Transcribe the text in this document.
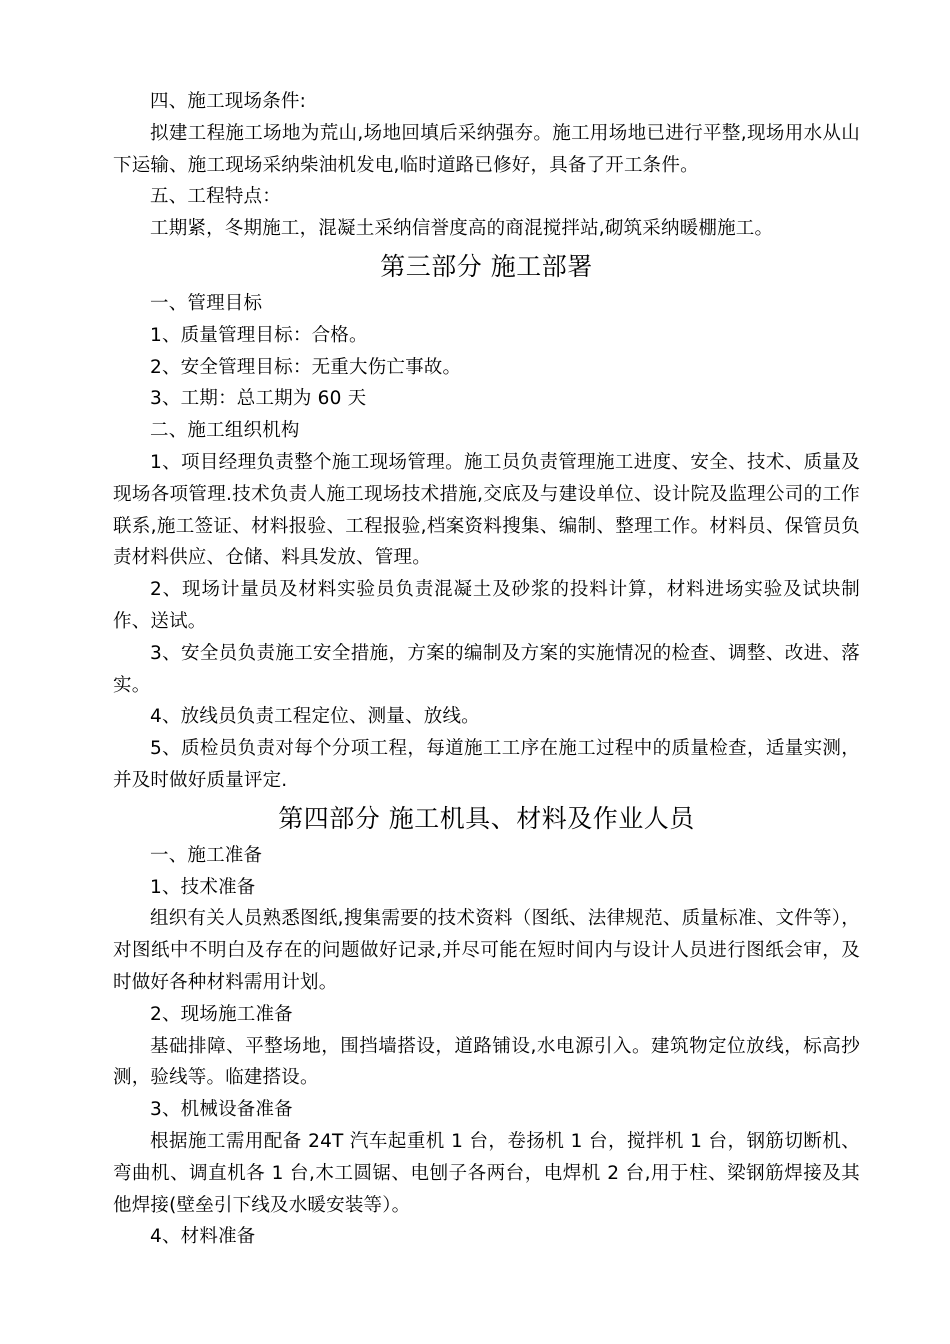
四、施工现场条件:

拟建工程施工场地为荒山,场地回填后采纳强夯。施工用场地已进行平整,现场用水从山下运输、施工现场采纳柴油机发电,临时道路已修好，具备了开工条件。

五、工程特点：

工期紧，冬期施工，混凝土采纳信誉度高的商混搅拌站,砌筑采纳暖棚施工。

第三部分 施工部署

一、管理目标

1、质量管理目标：合格。

2、安全管理目标：无重大伤亡事故。

3、工期：总工期为 60 天

二、施工组织机构

1、项目经理负责整个施工现场管理。施工员负责管理施工进度、安全、技术、质量及现场各项管理.技术负责人施工现场技术措施,交底及与建设单位、设计院及监理公司的工作联系,施工签证、材料报验、工程报验,档案资料搜集、编制、整理工作。材料员、保管员负责材料供应、仓储、料具发放、管理。

2、现场计量员及材料实验员负责混凝土及砂浆的投料计算，材料进场实验及试块制作、送试。

3、安全员负责施工安全措施，方案的编制及方案的实施情况的检查、调整、改进、落实。

4、放线员负责工程定位、测量、放线。

5、质检员负责对每个分项工程，每道施工工序在施工过程中的质量检查，适量实测，并及时做好质量评定.

第四部分 施工机具、材料及作业人员

一、施工准备

1、技术准备

组织有关人员熟悉图纸,搜集需要的技术资料（图纸、法律规范、质量标准、文件等），对图纸中不明白及存在的问题做好记录,并尽可能在短时间内与设计人员进行图纸会审，及时做好各种材料需用计划。

2、现场施工准备

基础排障、平整场地，围挡墙搭设，道路铺设,水电源引入。建筑物定位放线，标高抄测，验线等。临建搭设。

3、机械设备准备

根据施工需用配备 24T 汽车起重机 1 台，卷扬机 1 台，搅拌机 1 台，钢筋切断机、弯曲机、调直机各 1 台,木工圆锯、电刨子各两台，电焊机 2 台,用于柱、梁钢筋焊接及其他焊接(壁垒引下线及水暖安装等）。

4、材料准备
